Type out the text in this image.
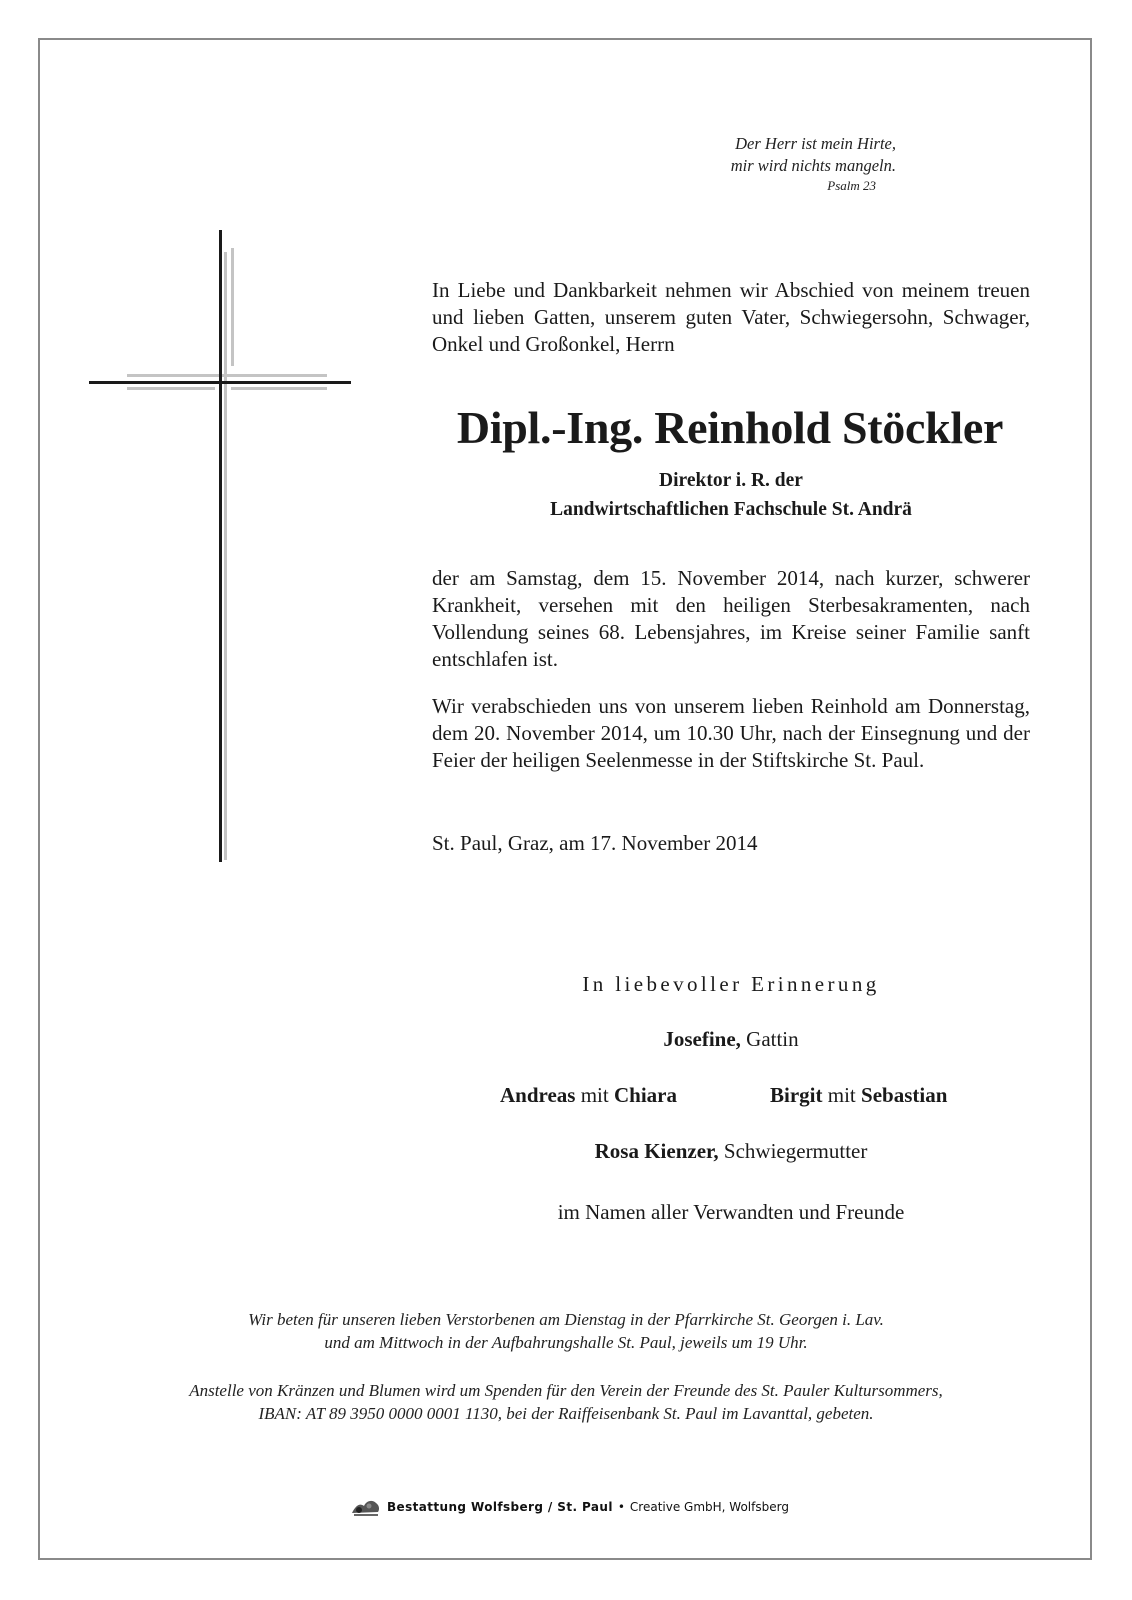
Der Herr ist mein Hirte,
mir wird nichts mangeln.
Psalm 23
In Liebe und Dankbarkeit nehmen wir Abschied von meinem treuen und lieben Gatten, unserem guten Vater, Schwiegersohn, Schwager, Onkel und Großonkel, Herrn
Dipl.-Ing. Reinhold Stöckler
Direktor i. R. der
Landwirtschaftlichen Fachschule St. Andrä
der am Samstag, dem 15. November 2014, nach kurzer, schwerer Krankheit, versehen mit den heiligen Sterbesakramenten, nach Vollendung seines 68. Lebensjahres, im Kreise seiner Familie sanft entschlafen ist.
Wir verabschieden uns von unserem lieben Reinhold am Donnerstag, dem 20. November 2014, um 10.30 Uhr, nach der Einsegnung und der Feier der heiligen Seelenmesse in der Stiftskirche St. Paul.
St. Paul, Graz, am 17. November 2014
In liebevoller Erinnerung
Josefine, Gattin
Andreas mit Chiara	Birgit mit Sebastian
Rosa Kienzer, Schwiegermutter
im Namen aller Verwandten und Freunde
Wir beten für unseren lieben Verstorbenen am Dienstag in der Pfarrkirche St. Georgen i. Lav.
und am Mittwoch in der Aufbahrungshalle St. Paul, jeweils um 19 Uhr.
Anstelle von Kränzen und Blumen wird um Spenden für den Verein der Freunde des St. Pauler Kultursommers,
IBAN: AT 89 3950 0000 0001 1130, bei der Raiffeisenbank St. Paul im Lavanttal, gebeten.
Bestattung Wolfsberg / St. Paul • Creative GmbH, Wolfsberg
